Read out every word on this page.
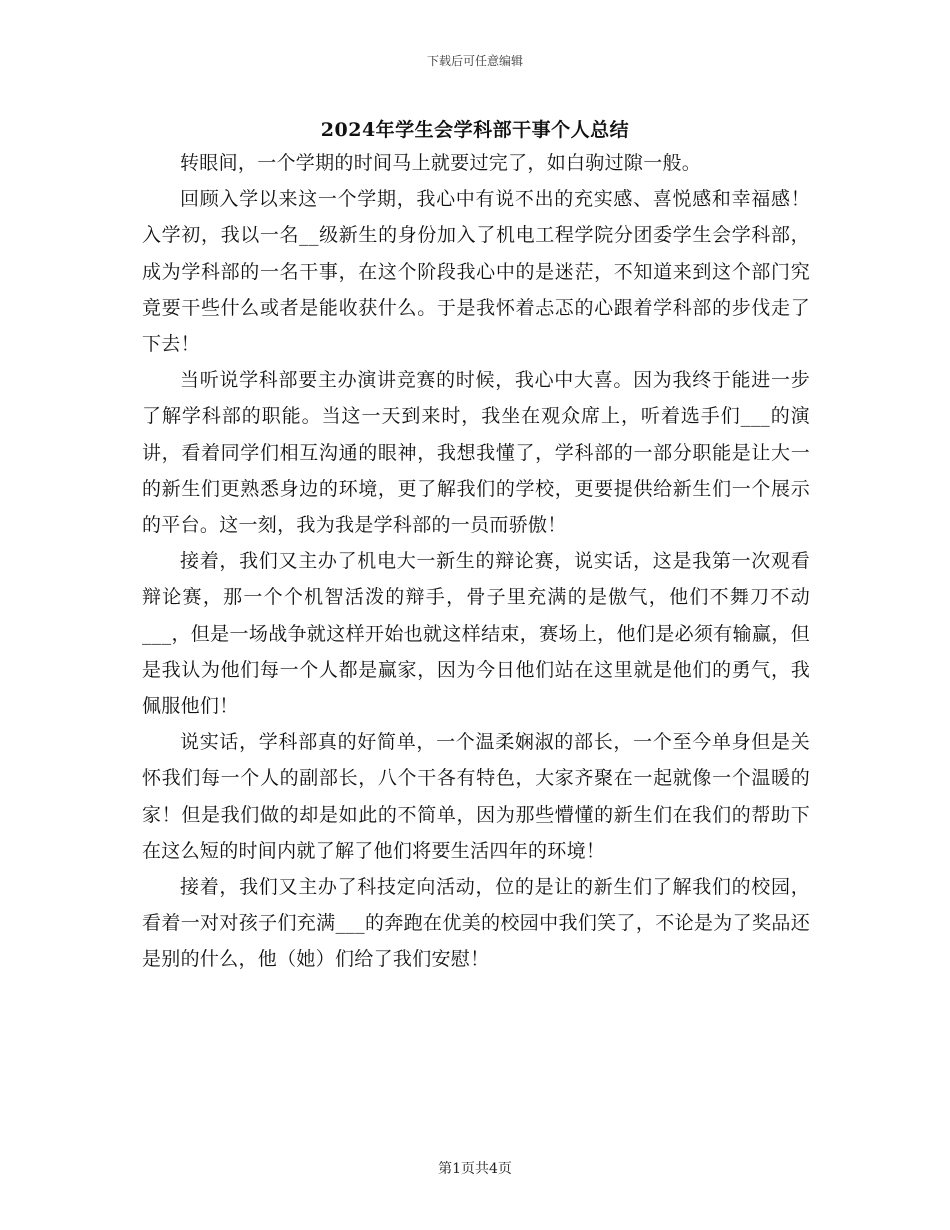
下载后可任意编辑
2024年学生会学科部干事个人总结

转眼间，一个学期的时间马上就要过完了，如白驹过隙一般。

回顾入学以来这一个学期，我心中有说不出的充实感、喜悦感和幸福感！入学初，我以一名__级新生的身份加入了机电工程学院分团委学生会学科部，成为学科部的一名干事，在这个阶段我心中的是迷茫，不知道来到这个部门究竟要干些什么或者是能收获什么。于是我怀着忐忑的心跟着学科部的步伐走了下去！

当听说学科部要主办演讲竞赛的时候，我心中大喜。因为我终于能进一步了解学科部的职能。当这一天到来时，我坐在观众席上，听着选手们___的演讲，看着同学们相互沟通的眼神，我想我懂了，学科部的一部分职能是让大一的新生们更熟悉身边的环境，更了解我们的学校，更要提供给新生们一个展示的平台。这一刻，我为我是学科部的一员而骄傲！

接着，我们又主办了机电大一新生的辩论赛，说实话，这是我第一次观看辩论赛，那一个个机智活泼的辩手，骨子里充满的是傲气，他们不舞刀不动___，但是一场战争就这样开始也就这样结束，赛场上，他们是必须有输赢，但是我认为他们每一个人都是赢家，因为今日他们站在这里就是他们的勇气，我佩服他们！

说实话，学科部真的好简单，一个温柔娴淑的部长，一个至今单身但是关怀我们每一个人的副部长，八个干各有特色，大家齐聚在一起就像一个温暖的家！但是我们做的却是如此的不简单，因为那些懵懂的新生们在我们的帮助下在这么短的时间内就了解了他们将要生活四年的环境！

接着，我们又主办了科技定向活动，位的是让的新生们了解我们的校园，看着一对对孩子们充满___的奔跑在优美的校园中我们笑了，不论是为了奖品还是别的什么，他（她）们给了我们安慰！

第1页共4页
